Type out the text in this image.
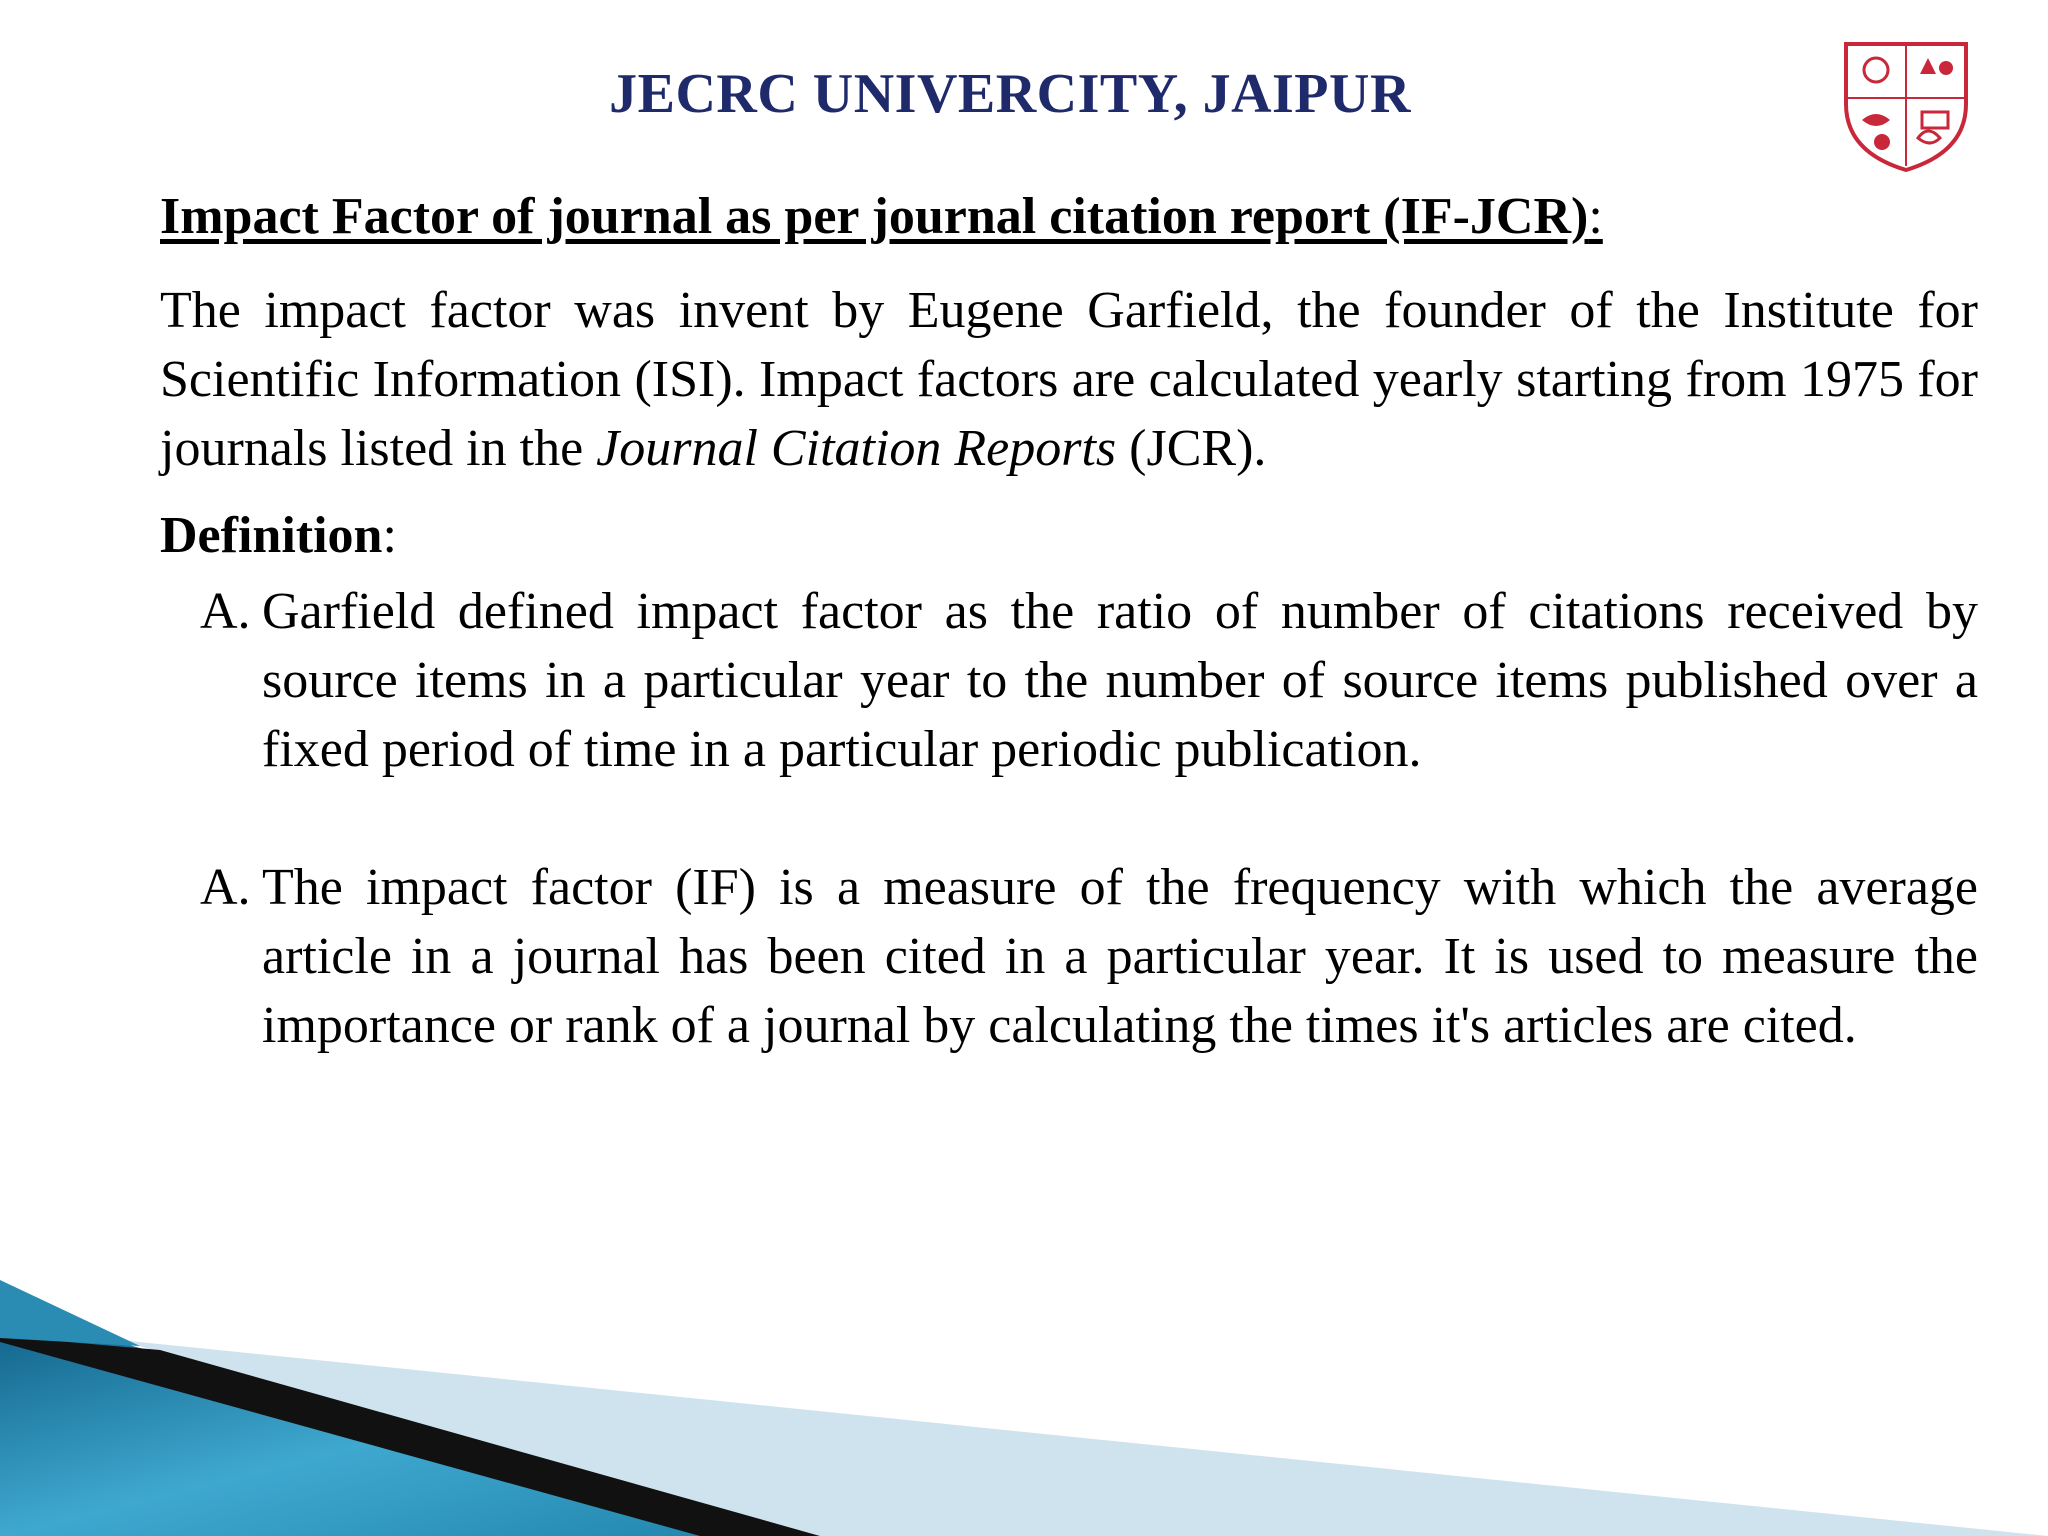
JECRC UNIVERCITY, JAIPUR
Impact Factor of journal as per journal citation report (IF-JCR):

The impact factor was invent by Eugene Garfield, the founder of the Institute for Scientific Information (ISI). Impact factors are calculated yearly starting from 1975 for journals listed in the Journal Citation Reports (JCR).

Definition:

A. Garfield defined impact factor as the ratio of number of citations received by source items in a particular year to the number of source items published over a fixed period of time in a particular periodic publication.

A. The impact factor (IF) is a measure of the frequency with which the average article in a journal has been cited in a particular year. It is used to measure the importance or rank of a journal by calculating the times it's articles are cited.
